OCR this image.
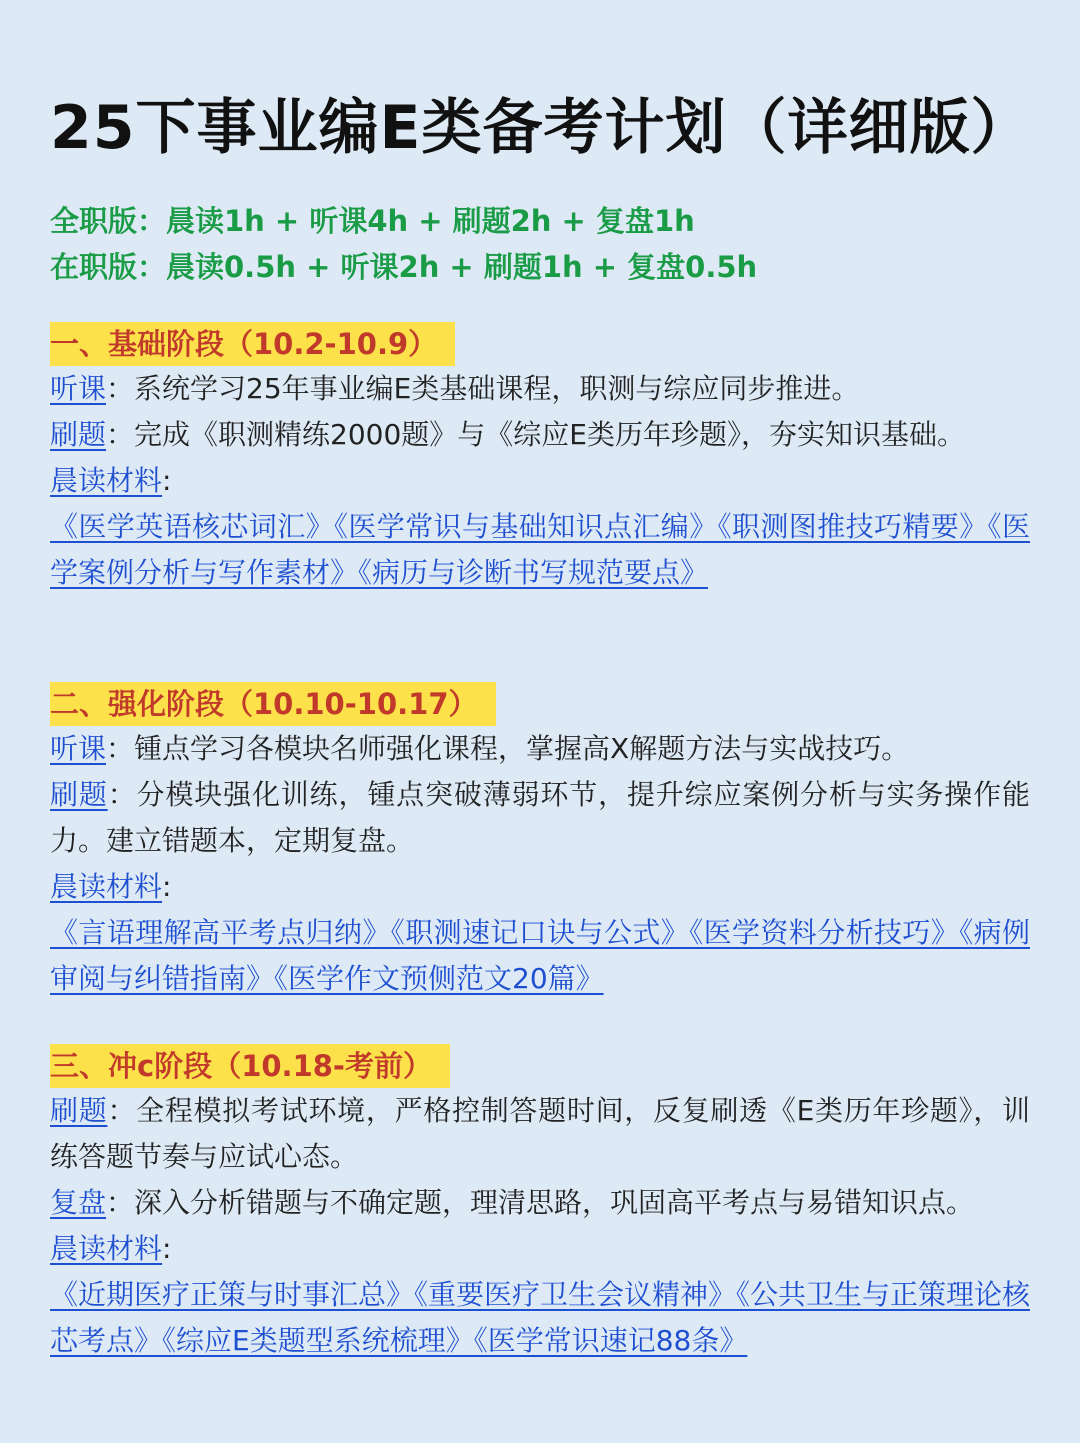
25下事业编E类备考计划（详细版）
全职版：晨读1h + 听课4h + 刷题2h + 复盘1h
在职版：晨读0.5h + 听课2h + 刷题1h + 复盘0.5h
一、基础阶段（10.2-10.9）
听课：系统学习25年事业编E类基础课程，职测与综应同步推进。
刷题：完成《职测精练2000题》与《综应E类历年珍题》，夯实知识基础。
晨读材料:
《医学英语核芯词汇》《医学常识与基础知识点汇编》《职测图推技巧精要》《医学案例分析与写作素材》《病历与诊断书写规范要点》
二、强化阶段（10.10-10.17）
听课：锺点学习各模块名师强化课程，掌握高X解题方法与实战技巧。
刷题：分模块强化训练，锺点突破薄弱环节，提升综应案例分析与实务操作能力。建立错题本，定期复盘。
晨读材料:
《言语理解高平考点归纳》《职测速记口诀与公式》《医学资料分析技巧》《病例审阅与纠错指南》《医学作文预侧范文20篇》
三、冲c阶段（10.18-考前）
刷题：全程模拟考试环境，严格控制答题时间，反复刷透《E类历年珍题》，训练答题节奏与应试心态。
复盘：深入分析错题与不确定题，理清思路，巩固高平考点与易错知识点。
晨读材料:
《近期医疗正策与时事汇总》《重要医疗卫生会议精神》《公共卫生与正策理论核芯考点》《综应E类题型系统梳理》《医学常识速记88条》
